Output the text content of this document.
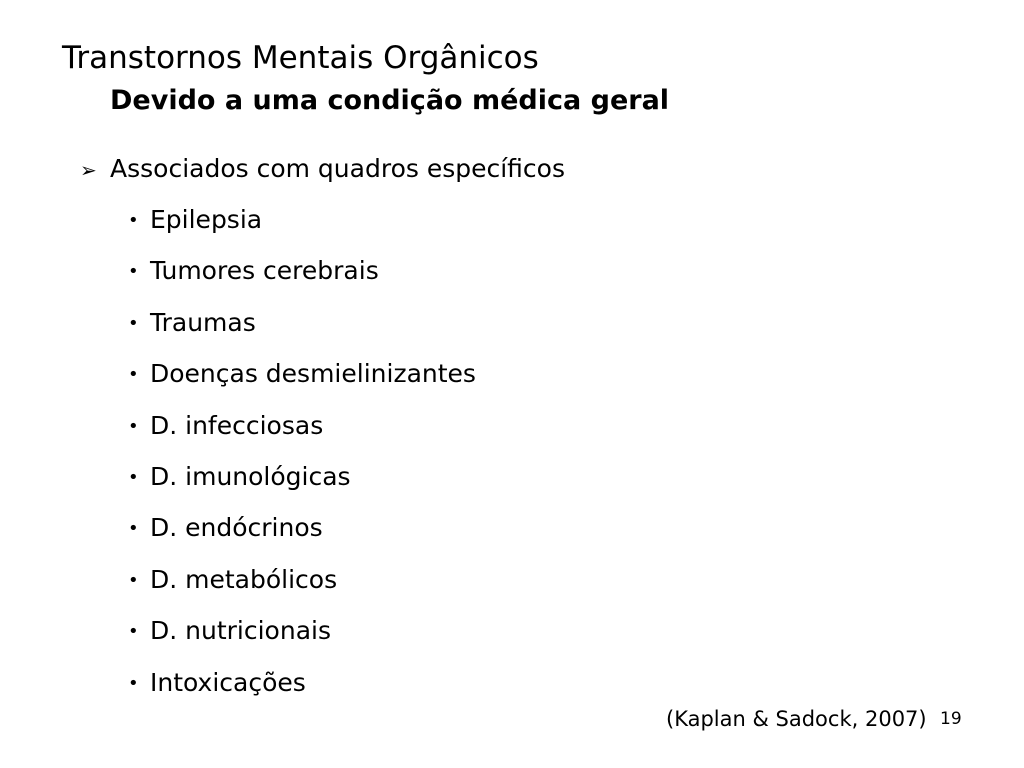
Transtornos Mentais Orgânicos
Devido a uma condição médica geral
➢ Associados com quadros específicos
• Epilepsia
• Tumores cerebrais
• Traumas
• Doenças desmielinizantes
• D. infecciosas
• D. imunológicas
• D. endócrinos
• D. metabólicos
• D. nutricionais
• Intoxicações
(Kaplan & Sadock, 2007) 19
